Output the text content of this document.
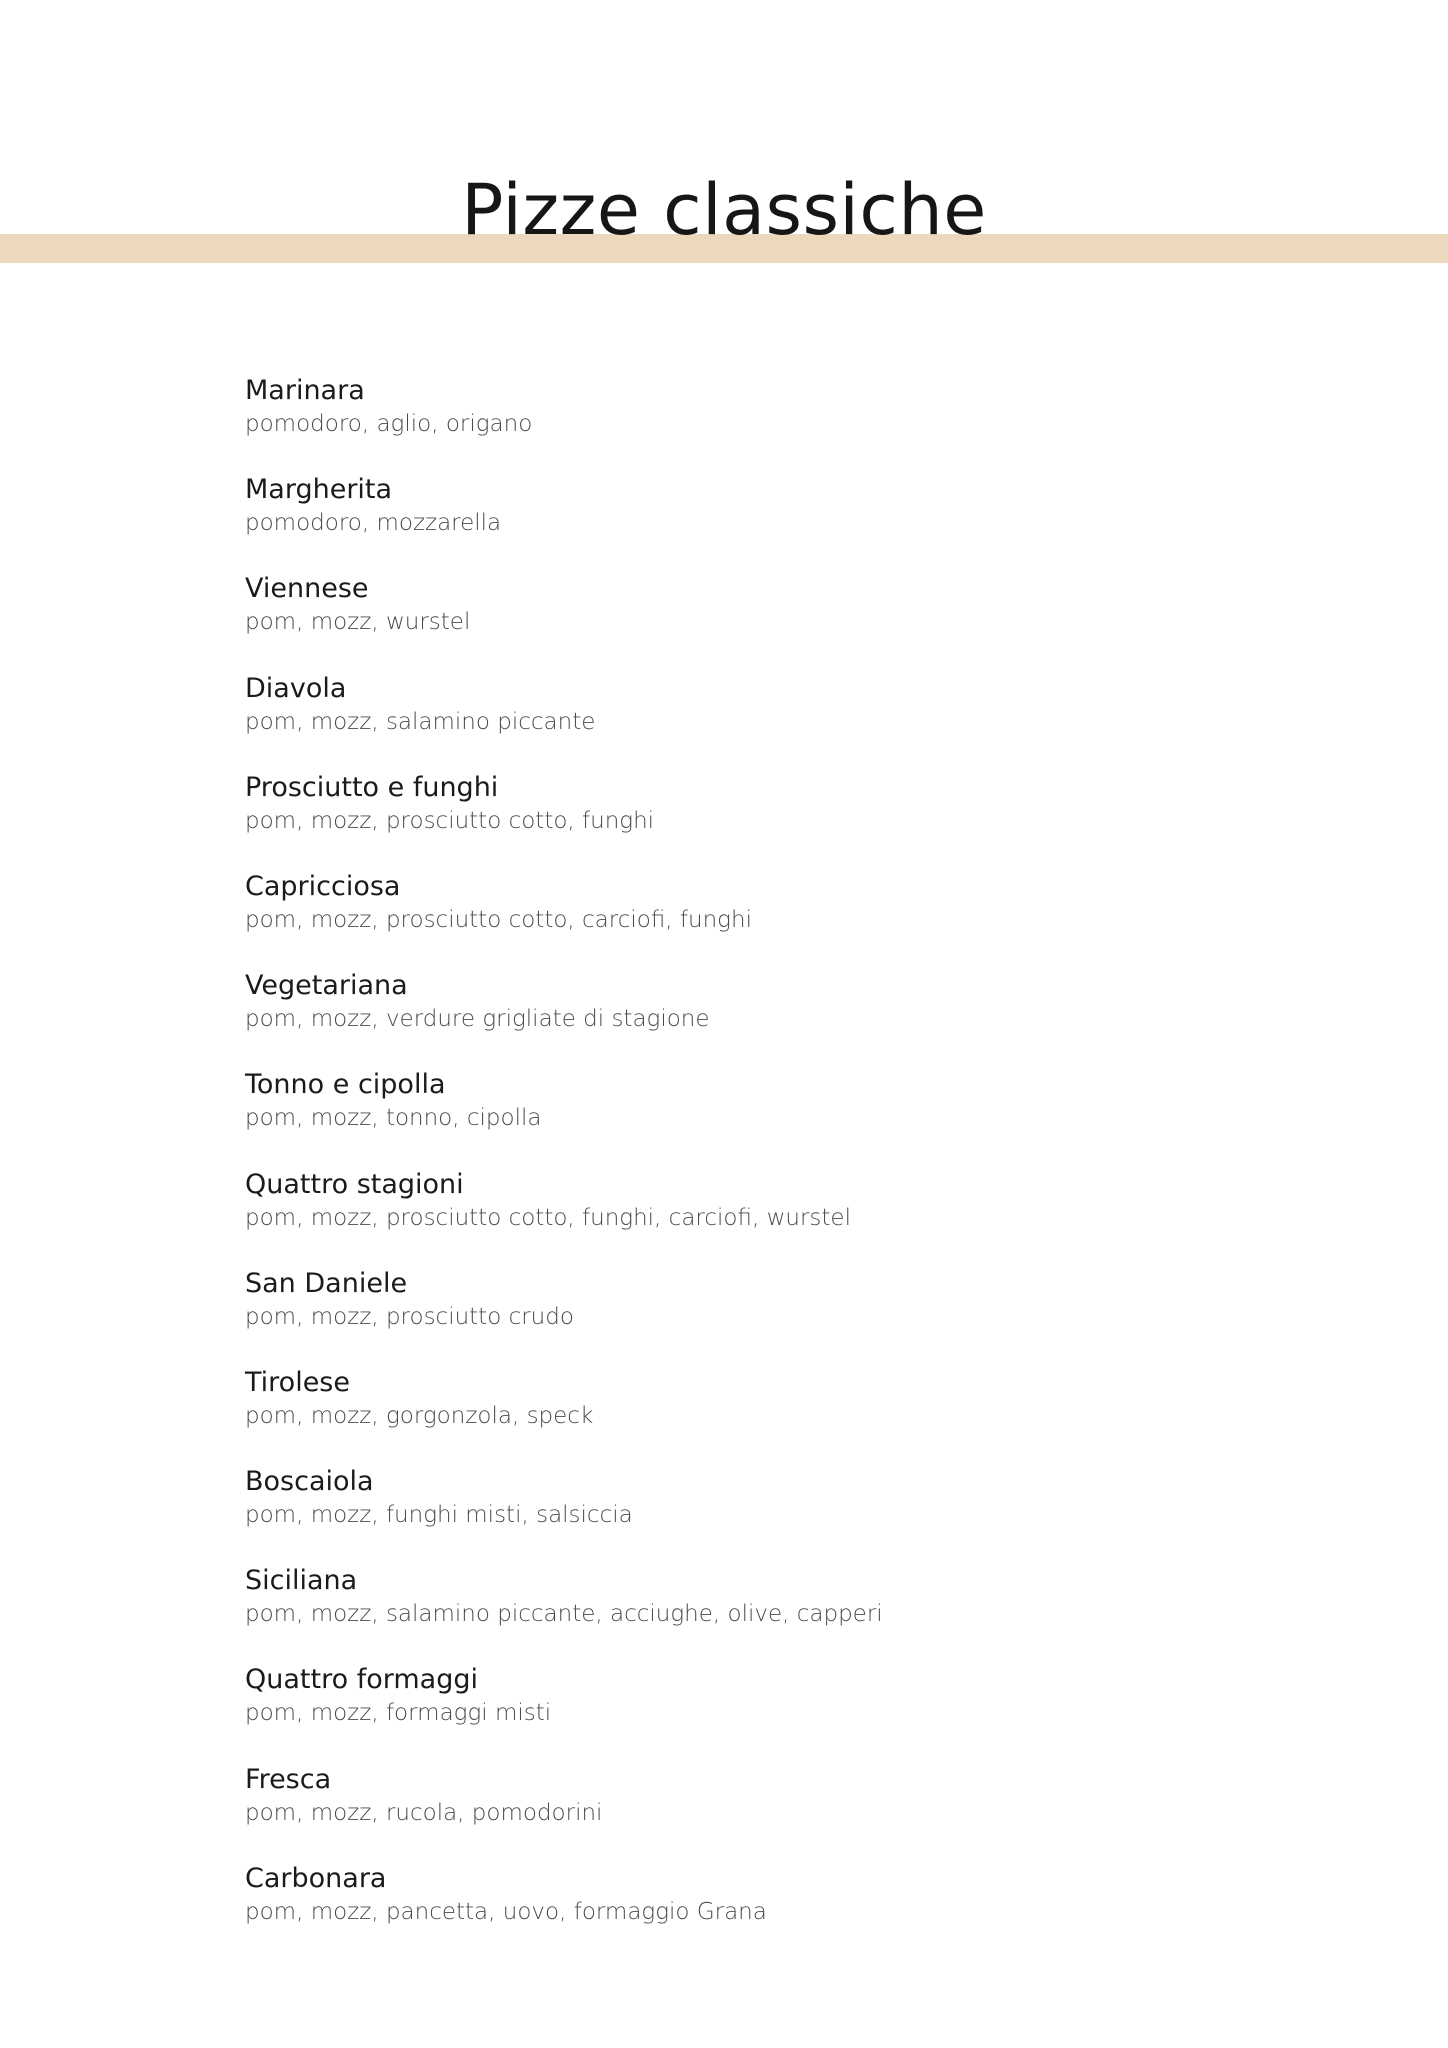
Pizze classiche
Marinara
pomodoro, aglio, origano
Margherita
pomodoro, mozzarella
Viennese
pom, mozz, wurstel
Diavola
pom, mozz, salamino piccante
Prosciutto e funghi
pom, mozz, prosciutto cotto, funghi
Capricciosa
pom, mozz, prosciutto cotto, carciofi, funghi
Vegetariana
pom, mozz, verdure grigliate di stagione
Tonno e cipolla
pom, mozz, tonno, cipolla
Quattro stagioni
pom, mozz, prosciutto cotto, funghi, carciofi, wurstel
San Daniele
pom, mozz, prosciutto crudo
Tirolese
pom, mozz, gorgonzola, speck
Boscaiola
pom, mozz, funghi misti, salsiccia
Siciliana
pom, mozz, salamino piccante, acciughe, olive, capperi
Quattro formaggi
pom, mozz, formaggi misti
Fresca
pom, mozz, rucola, pomodorini
Carbonara
pom, mozz, pancetta, uovo, formaggio Grana
